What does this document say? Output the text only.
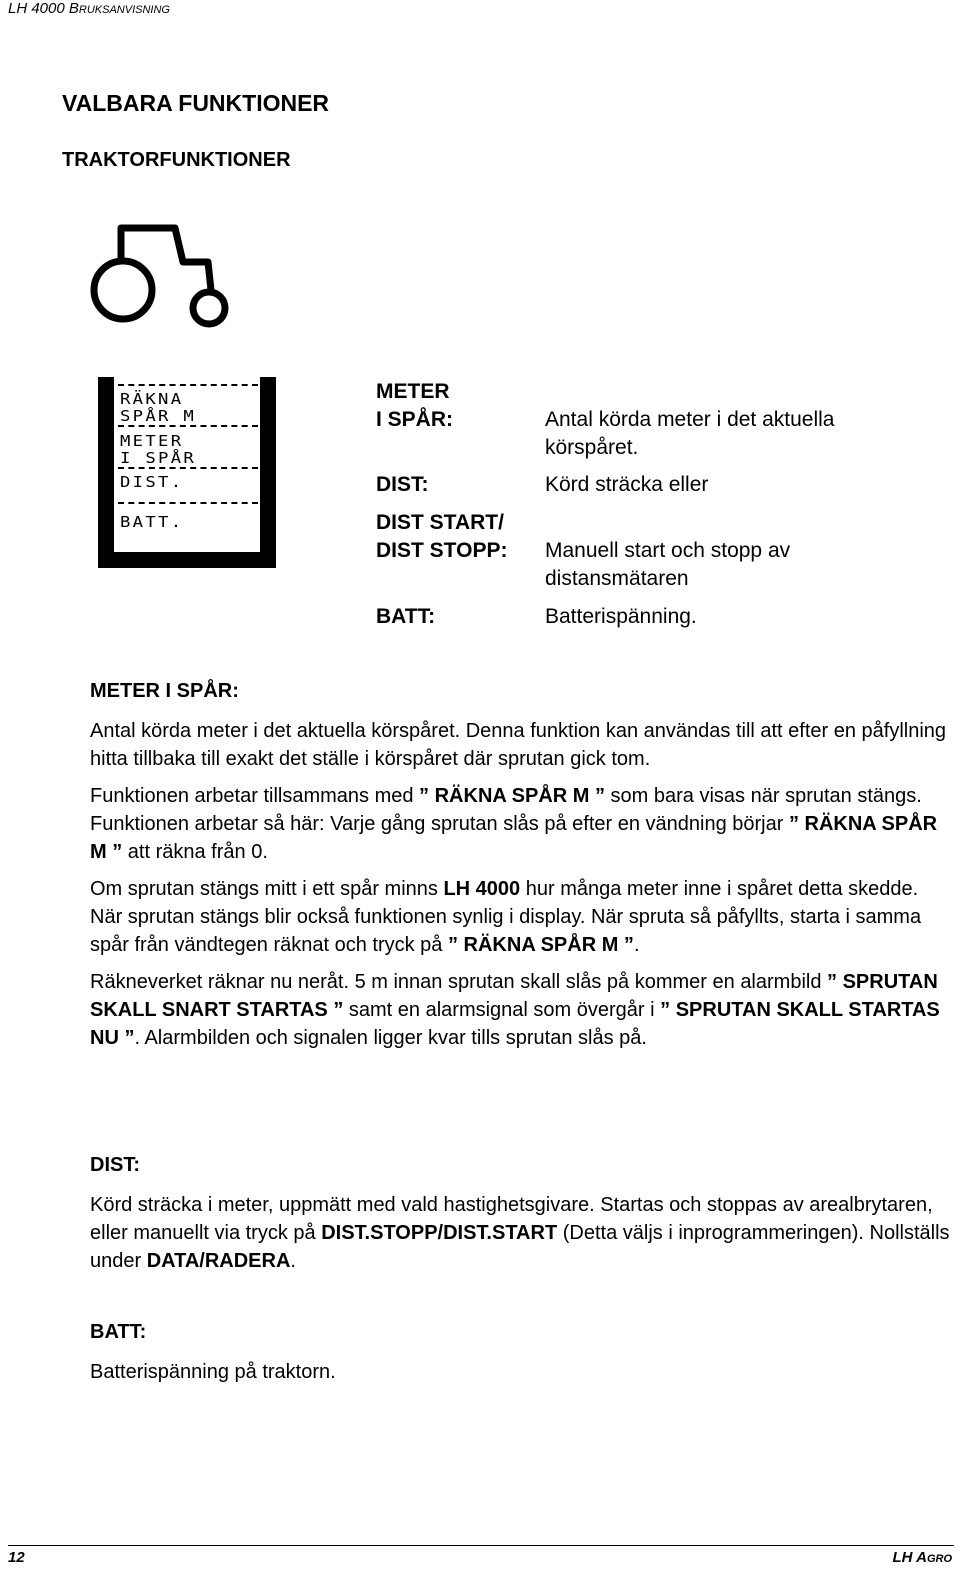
LH 4000 BRUKSANVISNING
VALBARA FUNKTIONER
TRAKTORFUNKTIONER
RÄKNA
SPÅR M
METER
I SPÅR
DIST.
BATT.
METER
I SPÅR:	Antal körda meter i det aktuella körspåret.
DIST:	Körd sträcka eller
DIST START/
DIST STOPP: Manuell start och stopp av distansmätaren
BATT:	Batterispänning.

METER I SPÅR:

Antal körda meter i det aktuella körspåret. Denna funktion kan användas till att efter en påfyllning hitta tillbaka till exakt det ställe i körspåret där sprutan gick tom.

Funktionen arbetar tillsammans med ” RÄKNA SPÅR M ” som bara visas när sprutan stängs. Funktionen arbetar så här: Varje gång sprutan slås på efter en vändning börjar ” RÄKNA SPÅR M ” att räkna från 0.

Om sprutan stängs mitt i ett spår minns LH 4000 hur många meter inne i spåret detta skedde. När sprutan stängs blir också funktionen synlig i display. När spruta så påfyllts, starta i samma spår från vändtegen räknat och tryck på ” RÄKNA SPÅR M ”.

Räkneverket räknar nu neråt. 5 m innan sprutan skall slås på kommer en alarmbild ” SPRUTAN SKALL SNART STARTAS ” samt en alarmsignal som övergår i ” SPRUTAN SKALL STARTAS NU ”. Alarmbilden och signalen ligger kvar tills sprutan slås på.

DIST:

Körd sträcka i meter, uppmätt med vald hastighetsgivare. Startas och stoppas av arealbrytaren, eller manuellt via tryck på DIST.STOPP/DIST.START (Detta väljs i inprogrammeringen). Nollställs under DATA/RADERA.

BATT:

Batterispänning på traktorn.

12	LH AGRO
